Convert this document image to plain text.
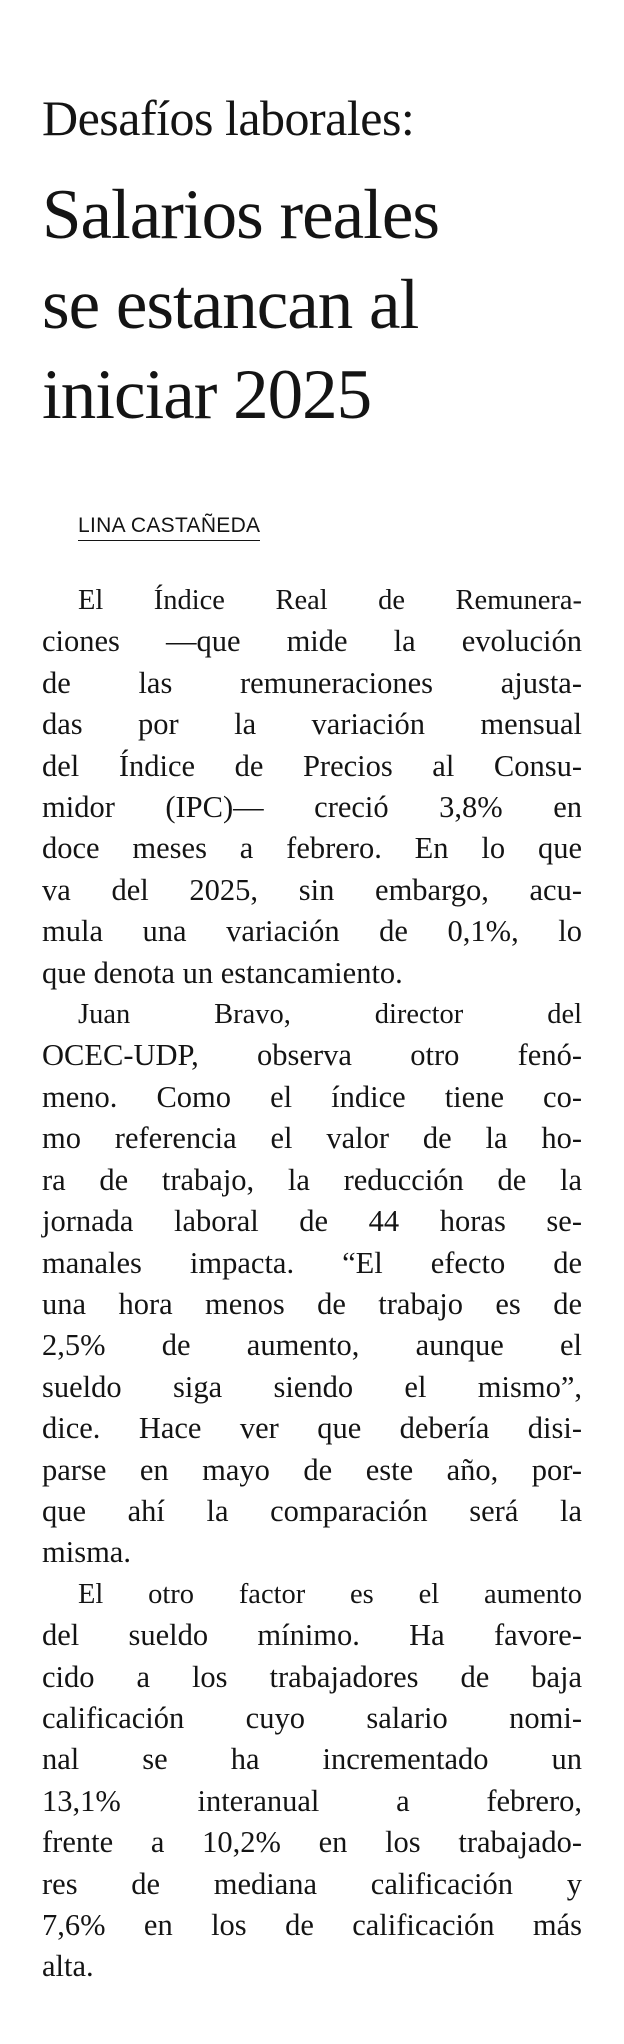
Desafíos laborales:
Salarios reales
se estancan al
iniciar 2025
LINA CASTAÑEDA

El Índice Real de Remunera-
ciones —que mide la evolución
de las remuneraciones ajusta-
das por la variación mensual
del Índice de Precios al Consu-
midor (IPC)— creció 3,8% en
doce meses a febrero. En lo que
va del 2025, sin embargo, acu-
mula una variación de 0,1%, lo
que denota un estancamiento.

Juan Bravo, director del
OCEC-UDP, observa otro fenó-
meno. Como el índice tiene co-
mo referencia el valor de la ho-
ra de trabajo, la reducción de la
jornada laboral de 44 horas se-
manales impacta. “El efecto de
una hora menos de trabajo es de
2,5% de aumento, aunque el
sueldo siga siendo el mismo”,
dice. Hace ver que debería disi-
parse en mayo de este año, por-
que ahí la comparación será la
misma.

El otro factor es el aumento
del sueldo mínimo. Ha favore-
cido a los trabajadores de baja
calificación cuyo salario nomi-
nal se ha incrementado un
13,1% interanual a febrero,
frente a 10,2% en los trabajado-
res de mediana calificación y
7,6% en los de calificación más
alta.
